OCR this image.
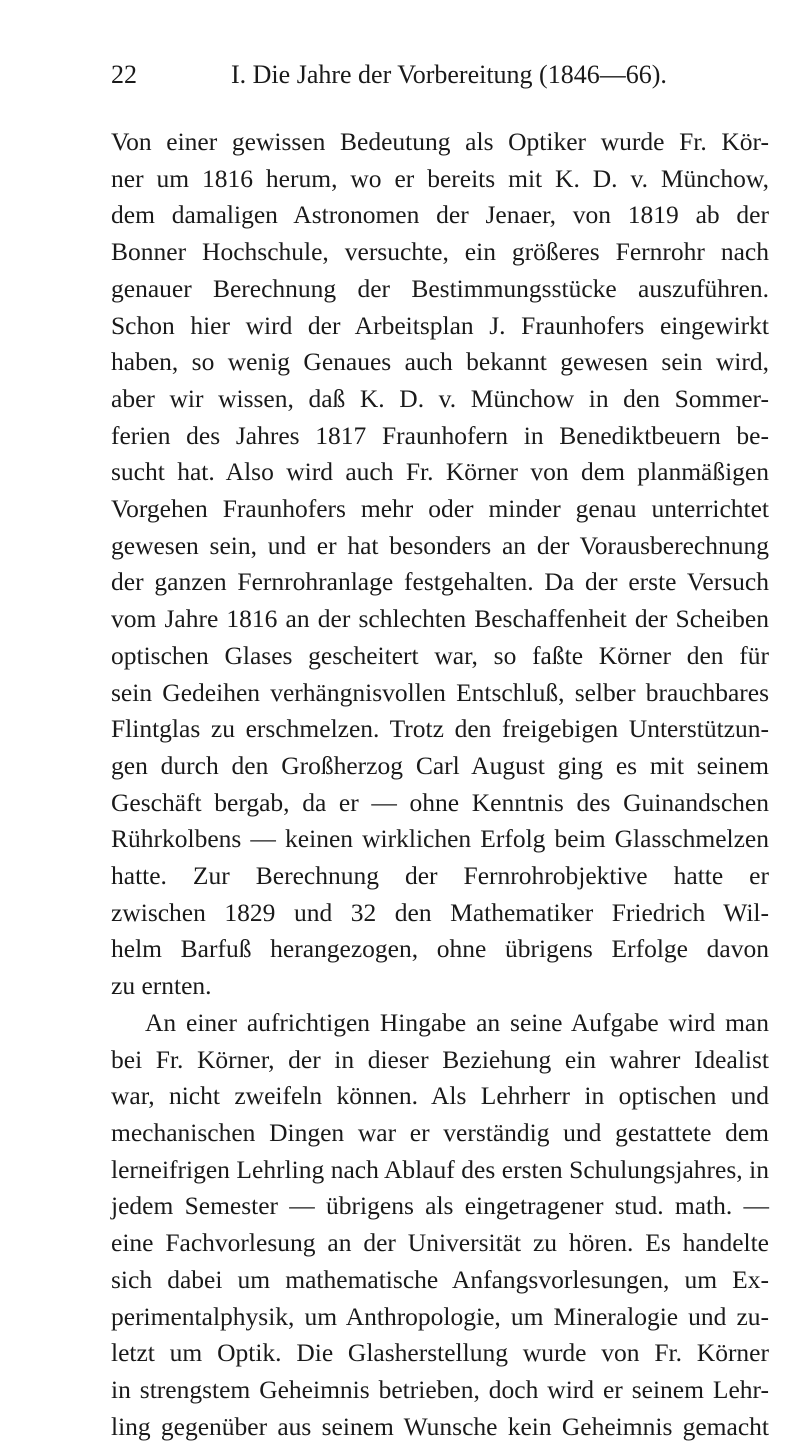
22	I. Die Jahre der Vorbereitung (1846—66).
Von einer gewissen Bedeutung als Optiker wurde Fr. Kör-
ner um 1816 herum, wo er bereits mit K. D. v. Münchow,
dem damaligen Astronomen der Jenaer, von 1819 ab der
Bonner Hochschule, versuchte, ein größeres Fernrohr nach
genauer Berechnung der Bestimmungsstücke auszuführen.
Schon hier wird der Arbeitsplan J. Fraunhofers eingewirkt
haben, so wenig Genaues auch bekannt gewesen sein wird,
aber wir wissen, daß K. D. v. Münchow in den Sommer-
ferien des Jahres 1817 Fraunhofern in Benediktbeuern be-
sucht hat. Also wird auch Fr. Körner von dem planmäßigen
Vorgehen Fraunhofers mehr oder minder genau unterrichtet
gewesen sein, und er hat besonders an der Vorausberechnung
der ganzen Fernrohranlage festgehalten. Da der erste Versuch
vom Jahre 1816 an der schlechten Beschaffenheit der Scheiben
optischen Glases gescheitert war, so faßte Körner den für
sein Gedeihen verhängnisvollen Entschluß, selber brauchbares
Flintglas zu erschmelzen. Trotz den freigebigen Unterstützun-
gen durch den Großherzog Carl August ging es mit seinem
Geschäft bergab, da er — ohne Kenntnis des Guinandschen
Rührkolbens — keinen wirklichen Erfolg beim Glasschmelzen
hatte. Zur Berechnung der Fernrohrobjektive hatte er
zwischen 1829 und 32 den Mathematiker Friedrich Wil-
helm Barfuß herangezogen, ohne übrigens Erfolge davon
zu ernten.
An einer aufrichtigen Hingabe an seine Aufgabe wird man
bei Fr. Körner, der in dieser Beziehung ein wahrer Idealist
war, nicht zweifeln können. Als Lehrherr in optischen und
mechanischen Dingen war er verständig und gestattete dem
lerneifrigen Lehrling nach Ablauf des ersten Schulungsjahres, in
jedem Semester — übrigens als eingetragener stud. math. —
eine Fachvorlesung an der Universität zu hören. Es handelte
sich dabei um mathematische Anfangsvorlesungen, um Ex-
perimentalphysik, um Anthropologie, um Mineralogie und zu-
letzt um Optik. Die Glasherstellung wurde von Fr. Körner
in strengstem Geheimnis betrieben, doch wird er seinem Lehr-
ling gegenüber aus seinem Wunsche kein Geheimnis gemacht
